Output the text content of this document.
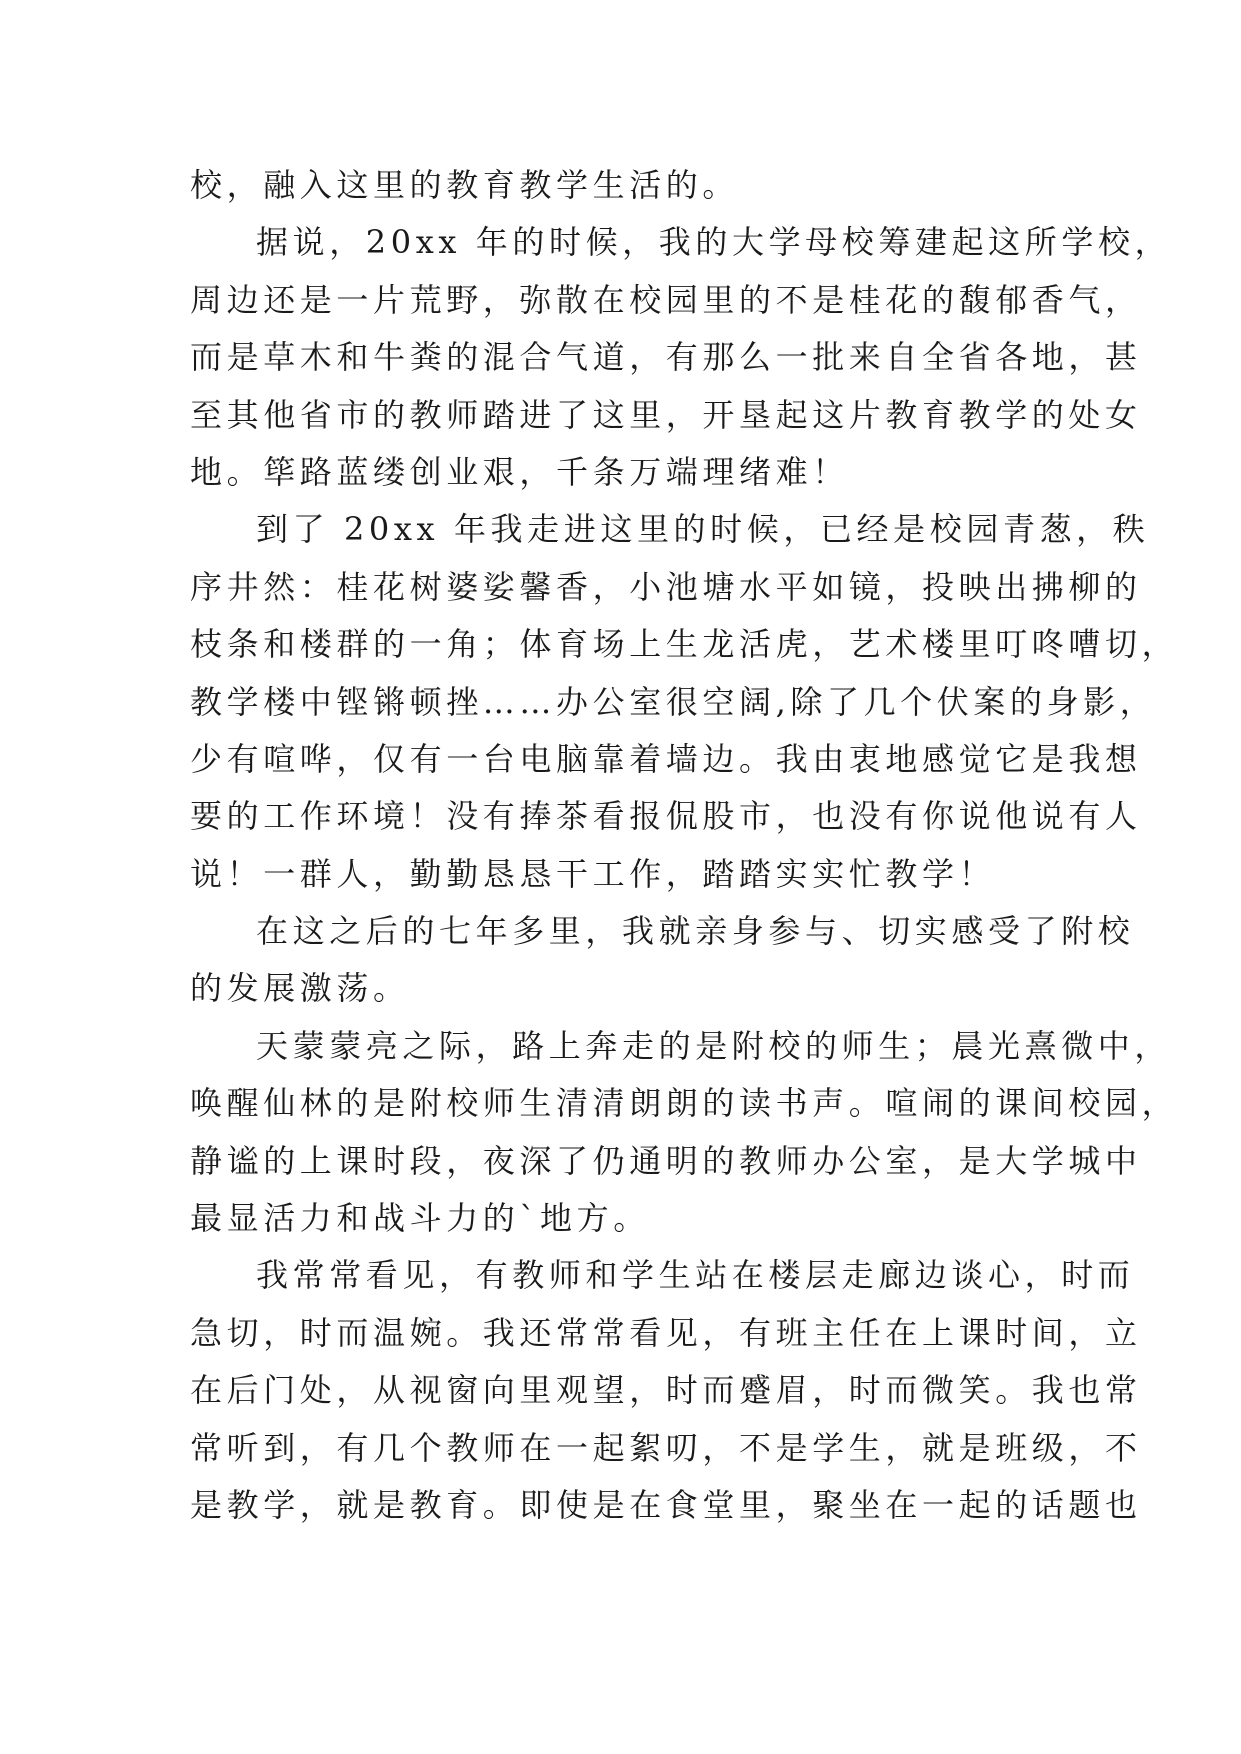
校，融入这里的教育教学生活的。
据说，20xx 年的时候，我的大学母校筹建起这所学校，
周边还是一片荒野，弥散在校园里的不是桂花的馥郁香气，
而是草木和牛粪的混合气道，有那么一批来自全省各地，甚
至其他省市的教师踏进了这里，开垦起这片教育教学的处女
地。筚路蓝缕创业艰，千条万端理绪难！
到了 20xx 年我走进这里的时候，已经是校园青葱，秩
序井然：桂花树婆娑馨香，小池塘水平如镜，投映出拂柳的
枝条和楼群的一角；体育场上生龙活虎，艺术楼里叮咚嘈切，
教学楼中铿锵顿挫……办公室很空阔,除了几个伏案的身影，
少有喧哗，仅有一台电脑靠着墙边。我由衷地感觉它是我想
要的工作环境！没有捧茶看报侃股市，也没有你说他说有人
说！一群人，勤勤恳恳干工作，踏踏实实忙教学！
在这之后的七年多里，我就亲身参与、切实感受了附校
的发展激荡。
天蒙蒙亮之际，路上奔走的是附校的师生；晨光熹微中，
唤醒仙林的是附校师生清清朗朗的读书声。喧闹的课间校园，
静谧的上课时段，夜深了仍通明的教师办公室，是大学城中
最显活力和战斗力的`地方。
我常常看见，有教师和学生站在楼层走廊边谈心，时而
急切，时而温婉。我还常常看见，有班主任在上课时间，立
在后门处，从视窗向里观望，时而蹙眉，时而微笑。我也常
常听到，有几个教师在一起絮叨，不是学生，就是班级，不
是教学，就是教育。即使是在食堂里，聚坐在一起的话题也
